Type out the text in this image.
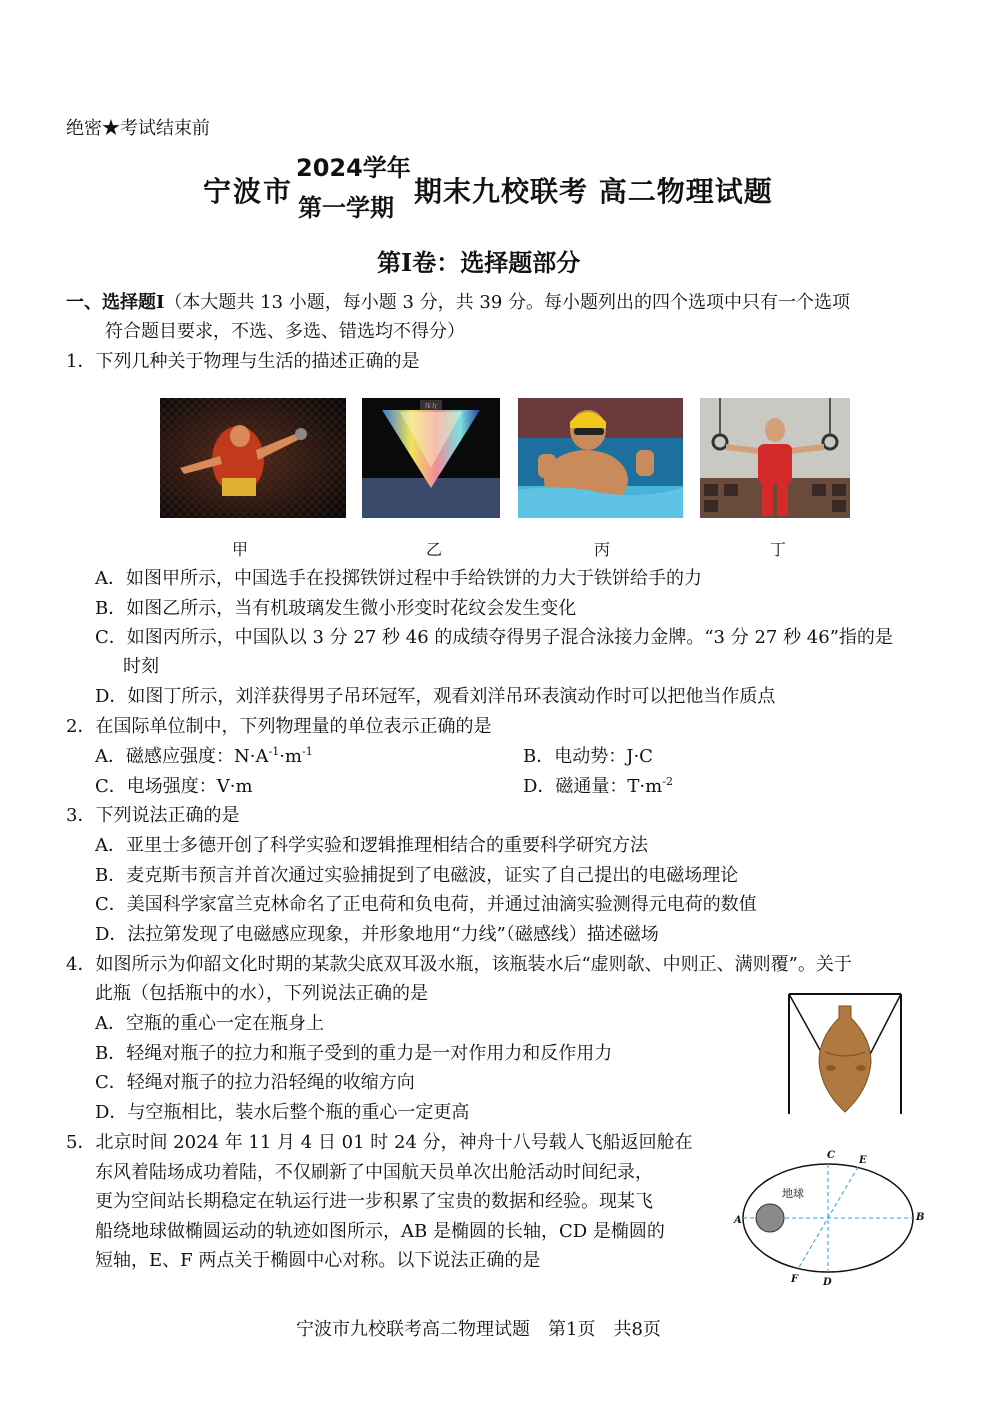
绝密★考试结束前
宁波市
2024学年
第一学期 期末九校联考 高二物理试题
第Ⅰ卷：选择题部分
一、选择题Ⅰ（本大题共 13 小题，每小题 3 分，共 39 分。每小题列出的四个选项中只有一个选项
符合题目要求，不选、多选、错选均不得分）
1．下列几种关于物理与生活的描述正确的是
压力
甲	乙	丙	丁
A．如图甲所示，中国选手在投掷铁饼过程中手给铁饼的力大于铁饼给手的力
B．如图乙所示，当有机玻璃发生微小形变时花纹会发生变化
C．如图丙所示，中国队以 3 分 27 秒 46 的成绩夺得男子混合泳接力金牌。“3 分 27 秒 46”指的是
时刻
D．如图丁所示，刘洋获得男子吊环冠军，观看刘洋吊环表演动作时可以把他当作质点
2．在国际单位制中，下列物理量的单位表示正确的是
A．磁感应强度：$N\cdot A^{-1}\cdot m^{-1}$	B．电动势：J·C
C．电场强度：V·m	D．磁通量：$T\cdot m^{-2}$
3．下列说法正确的是
A．亚里士多德开创了科学实验和逻辑推理相结合的重要科学研究方法
B．麦克斯韦预言并首次通过实验捕捉到了电磁波，证实了自己提出的电磁场理论
C．美国科学家富兰克林命名了正电荷和负电荷，并通过油滴实验测得元电荷的数值
D．法拉第发现了电磁感应现象，并形象地用“力线”（磁感线）描述磁场
4．如图所示为仰韶文化时期的某款尖底双耳汲水瓶，该瓶装水后“虚则欹、中则正、满则覆”。关于
此瓶（包括瓶中的水），下列说法正确的是
A．空瓶的重心一定在瓶身上
B．轻绳对瓶子的拉力和瓶子受到的重力是一对作用力和反作用力
C．轻绳对瓶子的拉力沿轻绳的收缩方向
D．与空瓶相比，装水后整个瓶的重心一定更高
5．北京时间 2024 年 11 月 4 日 01 时 24 分，神舟十八号载人飞船返回舱在
东风着陆场成功着陆，不仅刷新了中国航天员单次出舱活动时间纪录，
更为空间站长期稳定在轨运行进一步积累了宝贵的数据和经验。现某飞
船绕地球做椭圆运动的轨迹如图所示，AB 是椭圆的长轴，CD 是椭圆的
短轴，E、F 两点关于椭圆中心对称。以下说法正确的是
地球
A	B
C
D
E
F
宁波市九校联考高二物理试题　第1页　共8页
